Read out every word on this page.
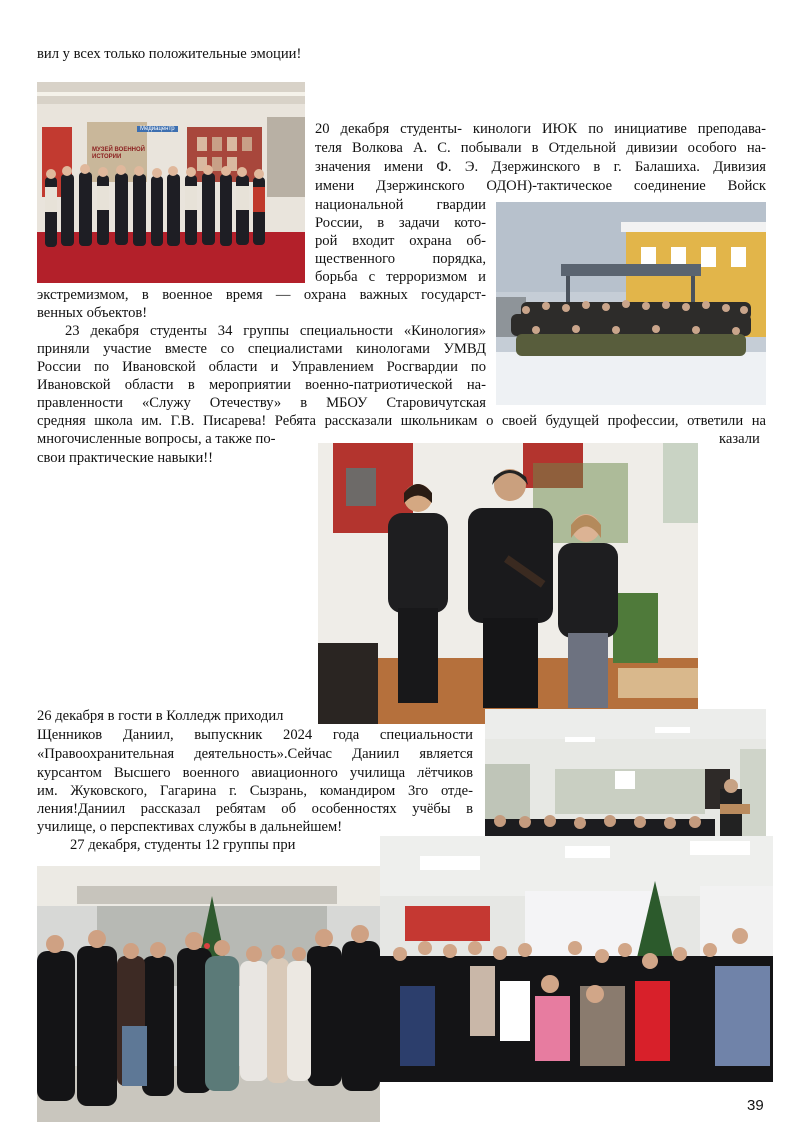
вил у всех только положительные эмоции!
20 декабря студенты- кинологи ИЮК по инициативе преподава-
теля Волкова А. С. побывали в Отдельной дивизии особого на-
значения имени Ф. Э. Дзержинского в г. Балашиха. Дивизия
имени Дзержинского ОДОН)-тактическое соединение Войск
национальной гвардии
России, в задачи кото-
рой входит охрана об-
щественного порядка,
борьба с терроризмом и
экстремизмом, в военное время — охрана важных государст-
венных объектов!
23 декабря студенты 34 группы специальности «Кинология»
приняли участие вместе со специалистами кинологами УМВД
России по Ивановской области и Управлением Росгвардии по
Ивановской области в мероприятии военно-патриотической на-
правленности «Служу Отечеству» в МБОУ Старовичутская
средняя школа им. Г.В. Писарева! Ребята рассказали школьникам о своей будущей профессии, ответили на
многочисленные вопросы, а также по-	казали
свои практические навыки!!
26 декабря в гости в Колледж приходил
Щенников Даниил, выпускник 2024 года специальности
«Правоохранительная деятельность».Сейчас Даниил является
курсантом Высшего военного авиационного училища лётчиков
им. Жуковского, Гагарина г. Сызрань, командиром 3го отде-
ления!Даниил рассказал ребятам об особенностях учёбы в
училище, о перспективах службы в дальнейшем!
27 декабря, студенты 12 группы при
Медиацентр
МУЗЕЙ ВОЕННОЙ ИСТОРИИ
39
